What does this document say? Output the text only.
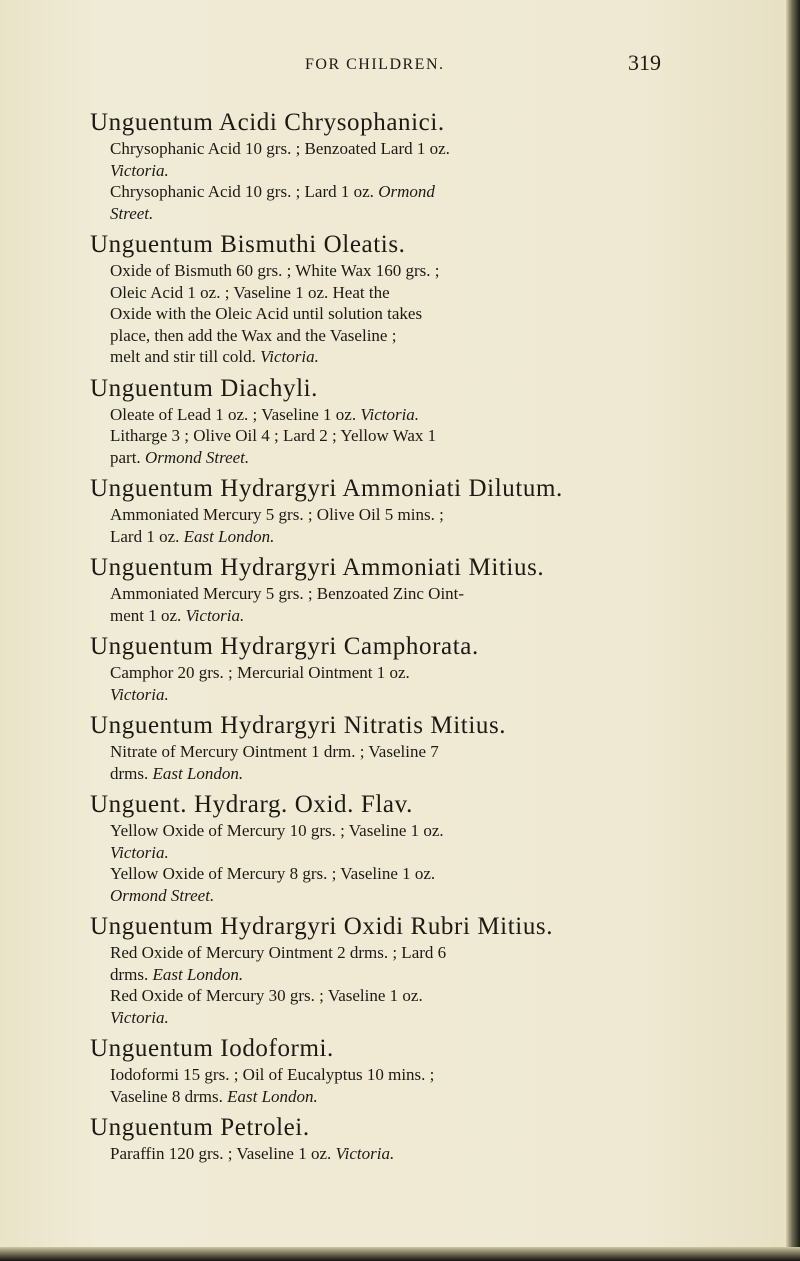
FOR CHILDREN.	319
Unguentum Acidi Chrysophanici.
Chrysophanic Acid 10 grs. ; Benzoated Lard 1 oz.
Victoria.
Chrysophanic Acid 10 grs. ; Lard 1 oz. Ormond
Street.
Unguentum Bismuthi Oleatis.
Oxide of Bismuth 60 grs. ; White Wax 160 grs. ;
Oleic Acid 1 oz. ; Vaseline 1 oz. Heat the
Oxide with the Oleic Acid until solution takes
place, then add the Wax and the Vaseline ;
melt and stir till cold. Victoria.
Unguentum Diachyli.
Oleate of Lead 1 oz. ; Vaseline 1 oz. Victoria.
Litharge 3 ; Olive Oil 4 ; Lard 2 ; Yellow Wax 1
part. Ormond Street.
Unguentum Hydrargyri Ammoniati Dilutum.
Ammoniated Mercury 5 grs. ; Olive Oil 5 mins. ;
Lard 1 oz. East London.
Unguentum Hydrargyri Ammoniati Mitius.
Ammoniated Mercury 5 grs. ; Benzoated Zinc Oint-
ment 1 oz. Victoria.
Unguentum Hydrargyri Camphorata.
Camphor 20 grs. ; Mercurial Ointment 1 oz.
Victoria.
Unguentum Hydrargyri Nitratis Mitius.
Nitrate of Mercury Ointment 1 drm. ; Vaseline 7
drms. East London.
Unguent. Hydrarg. Oxid. Flav.
Yellow Oxide of Mercury 10 grs. ; Vaseline 1 oz.
Victoria.
Yellow Oxide of Mercury 8 grs. ; Vaseline 1 oz.
Ormond Street.
Unguentum Hydrargyri Oxidi Rubri Mitius.
Red Oxide of Mercury Ointment 2 drms. ; Lard 6
drms. East London.
Red Oxide of Mercury 30 grs. ; Vaseline 1 oz.
Victoria.
Unguentum Iodoformi.
Iodoformi 15 grs. ; Oil of Eucalyptus 10 mins. ;
Vaseline 8 drms. East London.
Unguentum Petrolei.
Paraffin 120 grs. ; Vaseline 1 oz. Victoria.
